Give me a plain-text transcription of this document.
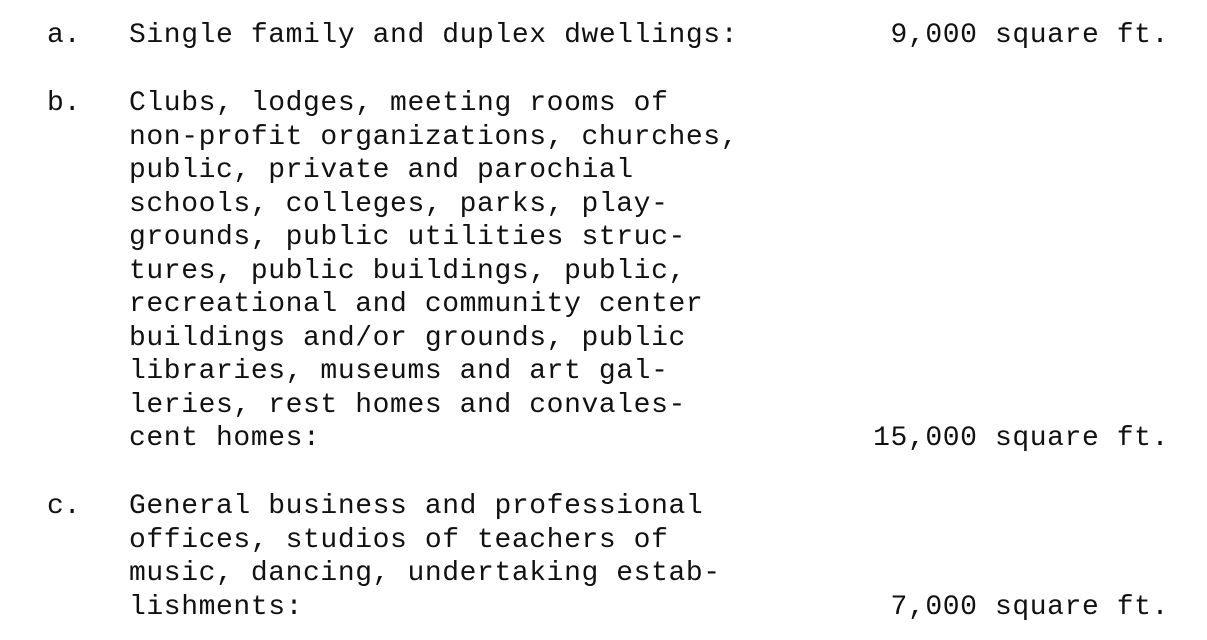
a. Single family and duplex dwellings:	9,000 square ft.
b. Clubs, lodges, meeting rooms of
non-profit organizations, churches,
public, private and parochial
schools, colleges, parks, play-
grounds, public utilities struc-
tures, public buildings, public,
recreational and community center
buildings and/or grounds, public
libraries, museums and art gal-
leries, rest homes and convales-
cent homes:	15,000 square ft.
c. General business and professional
offices, studios of teachers of
music, dancing, undertaking estab-
lishments:	7,000 square ft.
